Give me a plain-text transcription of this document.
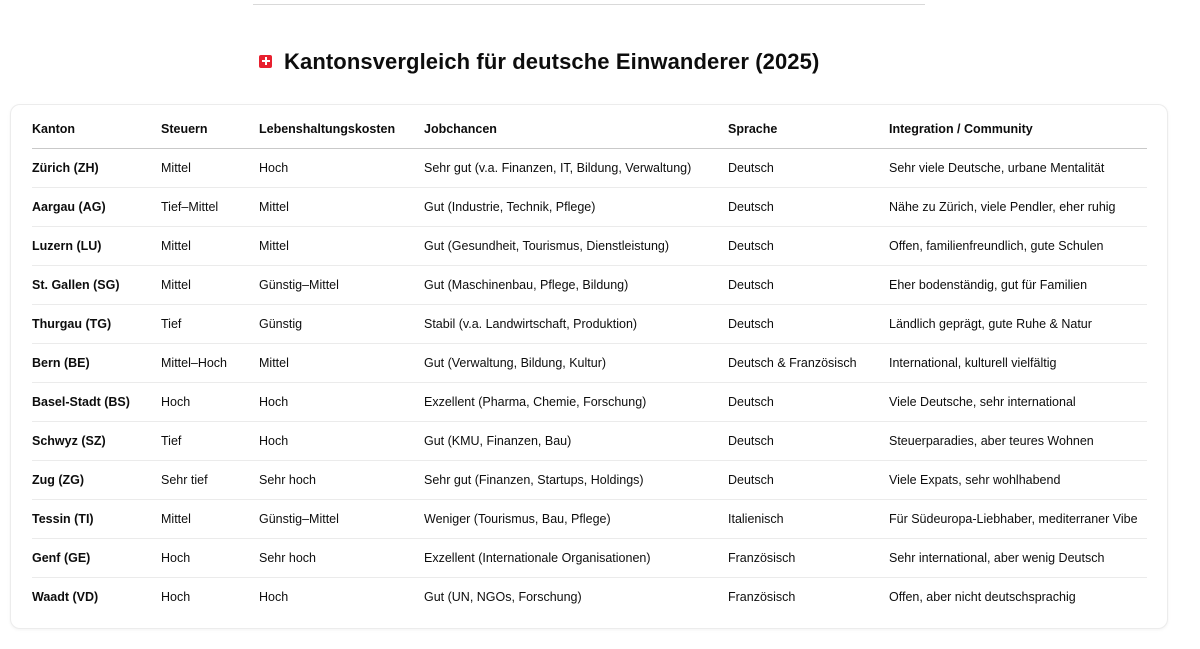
Kantonsvergleich für deutsche Einwanderer (2025)
Kanton	Steuern	Lebenshaltungskosten	Jobchancen	Sprache	Integration / Community
Zürich (ZH)	Mittel	Hoch	Sehr gut (v.a. Finanzen, IT, Bildung, Verwaltung)	Deutsch	Sehr viele Deutsche, urbane Mentalität
Aargau (AG)	Tief–Mittel	Mittel	Gut (Industrie, Technik, Pflege)	Deutsch	Nähe zu Zürich, viele Pendler, eher ruhig
Luzern (LU)	Mittel	Mittel	Gut (Gesundheit, Tourismus, Dienstleistung)	Deutsch	Offen, familienfreundlich, gute Schulen
St. Gallen (SG)	Mittel	Günstig–Mittel	Gut (Maschinenbau, Pflege, Bildung)	Deutsch	Eher bodenständig, gut für Familien
Thurgau (TG)	Tief	Günstig	Stabil (v.a. Landwirtschaft, Produktion)	Deutsch	Ländlich geprägt, gute Ruhe & Natur
Bern (BE)	Mittel–Hoch	Mittel	Gut (Verwaltung, Bildung, Kultur)	Deutsch & Französisch	International, kulturell vielfältig
Basel-Stadt (BS)	Hoch	Hoch	Exzellent (Pharma, Chemie, Forschung)	Deutsch	Viele Deutsche, sehr international
Schwyz (SZ)	Tief	Hoch	Gut (KMU, Finanzen, Bau)	Deutsch	Steuerparadies, aber teures Wohnen
Zug (ZG)	Sehr tief	Sehr hoch	Sehr gut (Finanzen, Startups, Holdings)	Deutsch	Viele Expats, sehr wohlhabend
Tessin (TI)	Mittel	Günstig–Mittel	Weniger (Tourismus, Bau, Pflege)	Italienisch	Für Südeuropa-Liebhaber, mediterraner Vibe
Genf (GE)	Hoch	Sehr hoch	Exzellent (Internationale Organisationen)	Französisch	Sehr international, aber wenig Deutsch
Waadt (VD)	Hoch	Hoch	Gut (UN, NGOs, Forschung)	Französisch	Offen, aber nicht deutschsprachig
